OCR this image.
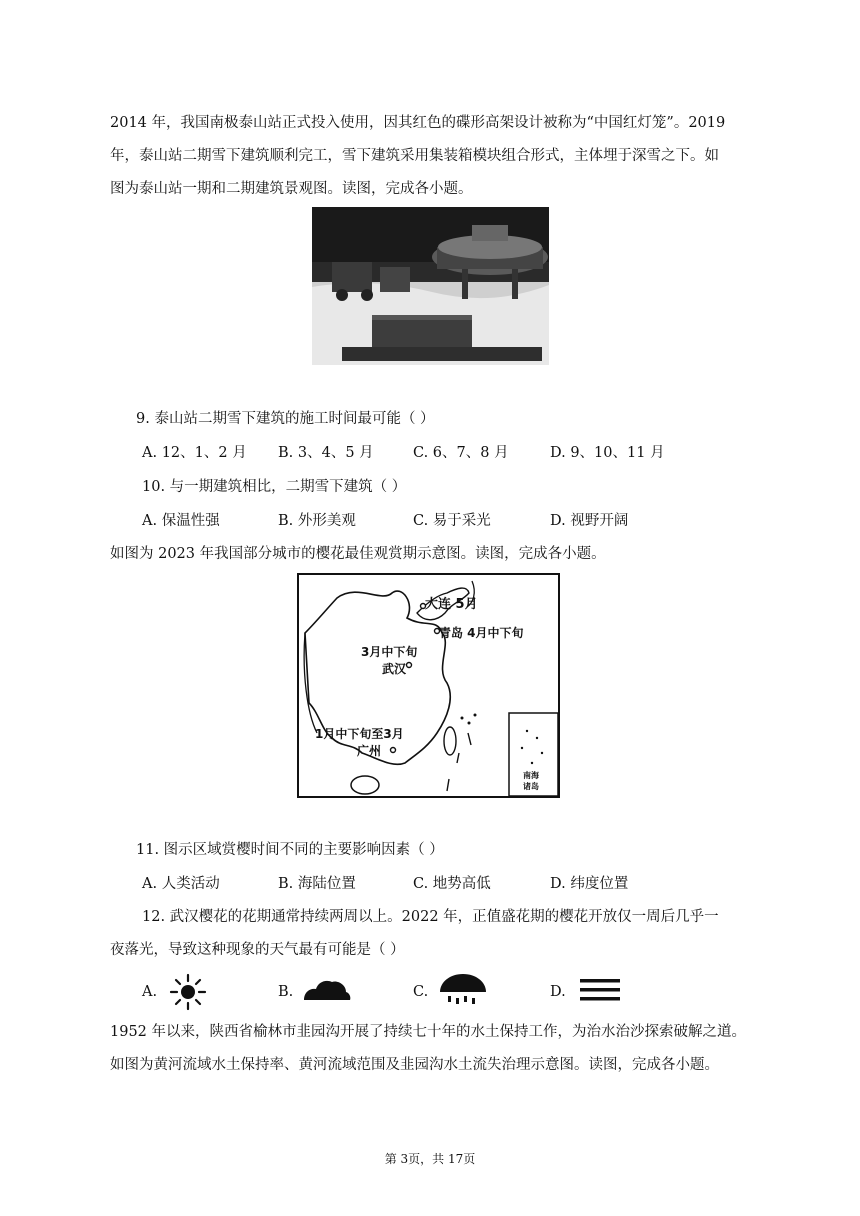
2014 年，我国南极泰山站正式投入使用，因其红色的碟形高架设计被称为“中国红灯笼”。2019
年，泰山站二期雪下建筑顺利完工，雪下建筑采用集装箱模块组合形式，主体埋于深雪之下。如
图为泰山站一期和二期建筑景观图。读图，完成各小题。
9. 泰山站二期雪下建筑的施工时间最可能（ ）
A. 12、1、2 月 B. 3、4、5 月	C. 6、7、8 月	D. 9、10、11 月
10. 与一期建筑相比，二期雪下建筑（ ）
A. 保温性强	B. 外形美观	C. 易于采光	D. 视野开阔
如图为 2023 年我国部分城市的樱花最佳观赏期示意图。读图，完成各小题。
大连 5月
青岛 4月中下旬
3月中下旬
武汉
1月中下旬至3月
广州
南海
诸岛
11. 图示区域赏樱时间不同的主要影响因素（ ）
A. 人类活动	B. 海陆位置	C. 地势高低	D. 纬度位置
12. 武汉樱花的花期通常持续两周以上。2022 年，正值盛花期的樱花开放仅一周后几乎一
夜落光，导致这种现象的天气最有可能是（ ）
A.	B.	C.	D.
1952 年以来，陕西省榆林市韭园沟开展了持续七十年的水土保持工作，为治水治沙探索破解之道。
如图为黄河流域水土保持率、黄河流域范围及韭园沟水土流失治理示意图。读图，完成各小题。
第 3页，共 17页
